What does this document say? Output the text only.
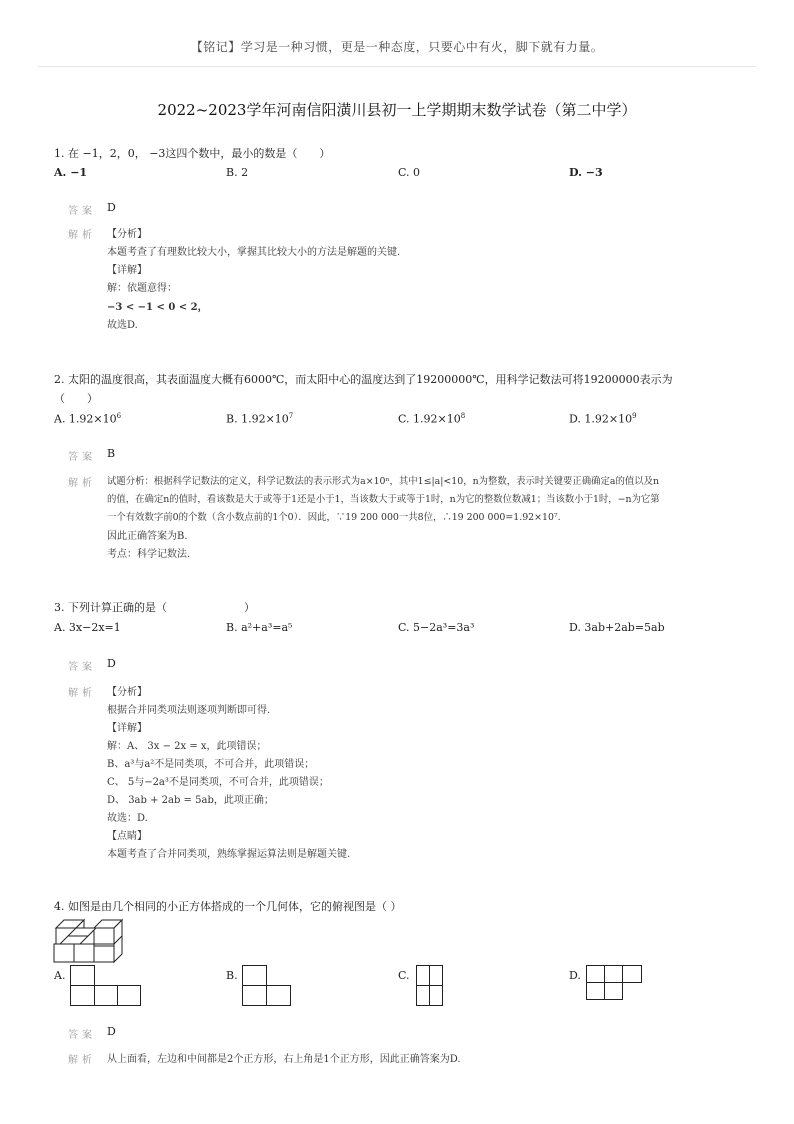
【铭记】学习是一种习惯，更是一种态度，只要心中有火，脚下就有力量。
2022~2023学年河南信阳潢川县初一上学期期末数学试卷（第二中学）
1. 在 −1，2，0， −3这四个数中，最小的数是（　　）
A. −1	B. 2	C. 0	D. −3
答案 D
解析 【分析】
本题考查了有理数比较大小，掌握其比较大小的方法是解题的关键.
【详解】
解：依题意得：
−3 < −1 < 0 < 2，
故选D.
2. 太阳的温度很高，其表面温度大概有6000℃，而太阳中心的温度达到了19200000℃，用科学记数法可将19200000表示为
（　　）
A. $1.92\times 10^6$	B. $1.92\times 10^7$	C. $1.92\times 10^8$	D. $1.92\times 10^9$
答案 B
解析 试题分析：根据科学记数法的定义，科学记数法的表示形式为a×10ⁿ，其中1≤|a|<10，n为整数，表示时关键要正确确定a的值以及n
的值，在确定n的值时，看该数是大于或等于1还是小于1，当该数大于或等于1时，n为它的整数位数减1；当该数小于1时，−n为它第
一个有效数字前0的个数（含小数点前的1个0）．因此，∵19 200 000一共8位，∴19 200 000=1.92×10⁷.
因此正确答案为B.
考点：科学记数法.
3. 下列计算正确的是（　　　　　　　）
A. 3x−2x=1	B. a²+a³=a⁵	C. 5−2a³=3a³	D. 3ab+2ab=5ab
答案 D
解析 【分析】
根据合并同类项法则逐项判断即可得.
【详解】
解：A、 3x − 2x = x，此项错误；
B、a³与a²不是同类项，不可合并，此项错误；
C、 5与−2a³不是同类项，不可合并，此项错误；
D、 3ab + 2ab = 5ab，此项正确；
故选：D.
【点睛】
本题考查了合并同类项，熟练掌握运算法则是解题关键.
4. 如图是由几个相同的小正方体搭成的一个几何体，它的俯视图是（ ）
A.	B.	C.	D.
答案 D
解析 从上面看，左边和中间都是2个正方形，右上角是1个正方形，因此正确答案为D.
